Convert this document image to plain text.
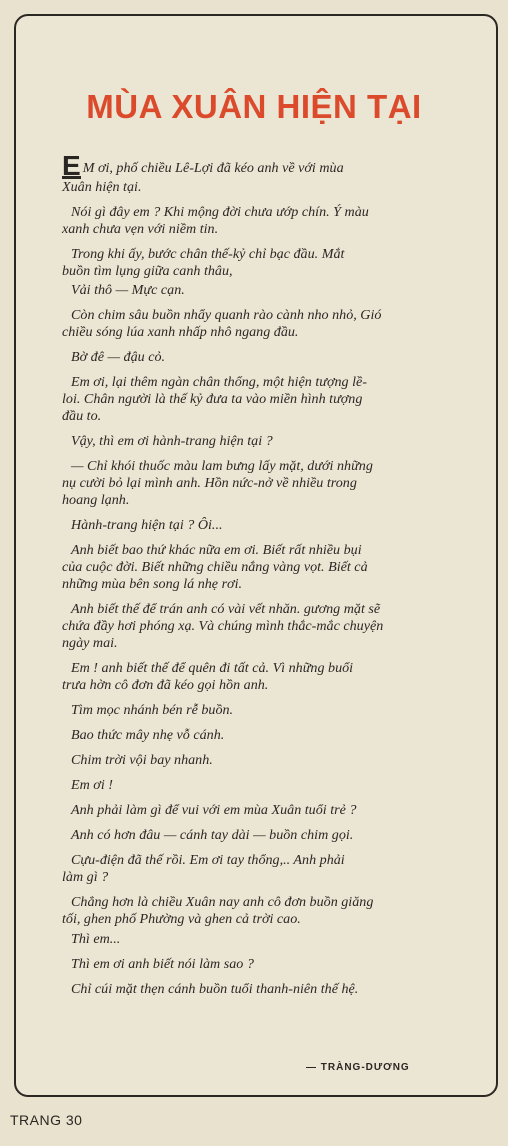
MÙA XUÂN HIỆN TẠI

E M ơi, phố chiều Lê-Lợi đã kéo anh về với mùa
Xuân hiện tại.

Nói gì đây em ? Khi mộng đời chưa ướp chín. Ý màu
xanh chưa vẹn với niềm tin.

Trong khi ấy, bước chân thế-kỷ chỉ bạc đầu. Mắt
buồn tìm lụng giữa canh thâu,

Vải thô — Mực cạn.

Còn chim sâu buồn nhẩy quanh rào cành nho nhỏ, Gió
chiều sóng lúa xanh nhấp nhô ngang đầu.

Bờ đê — đậu cỏ.

Em ơi, lại thêm ngàn chân thổng, một hiện tượng lề-
loi. Chân người là thế kỷ đưa ta vào miền hình tượng
đầu to.

Vậy, thì em ơi hành-trang hiện tại ?

— Chỉ khói thuốc màu lam bưng lấy mặt, dưới những
nụ cười bỏ lại mình anh. Hồn nức-nở về nhiều trong
hoang lạnh.

Hành-trang hiện tại ? Ôi...

Anh biết bao thứ khác nữa em ơi. Biết rất nhiều bụi
của cuộc đời. Biết những chiều nắng vàng vọt. Biết cả
những mùa bên song lá nhẹ rơi.

Anh biết thế để trán anh có vài vết nhăn. gương mặt sẽ
chứa đầy hơi phóng xạ. Và chúng mình thắc-mắc chuyện
ngày mai.

Em ! anh biết thế để quên đi tất cả. Vì những buổi
trưa hờn cô đơn đã kéo gọi hồn anh.

Tìm mọc nhánh bén rễ buồn.

Bao thức mây nhẹ vỗ cánh.

Chim trời vội bay nhanh.

Em ơi !

Anh phải làm gì để vui với em mùa Xuân tuổi trẻ ?

Anh có hơn đâu — cánh tay dài — buồn chim gọi.

Cựu-điện đã thế rồi. Em ơi tay thổng,.. Anh phải
làm gì ?

Chẳng hơn là chiều Xuân nay anh cô đơn buồn giăng
tối, ghen phố Phường và ghen cả trời cao.

Thì em...

Thì em ơi anh biết nói làm sao ?

Chỉ cúi mặt thẹn cánh buồn tuổi thanh-niên thế hệ.

— TRÀNG-DƯƠNG
TRANG 30
